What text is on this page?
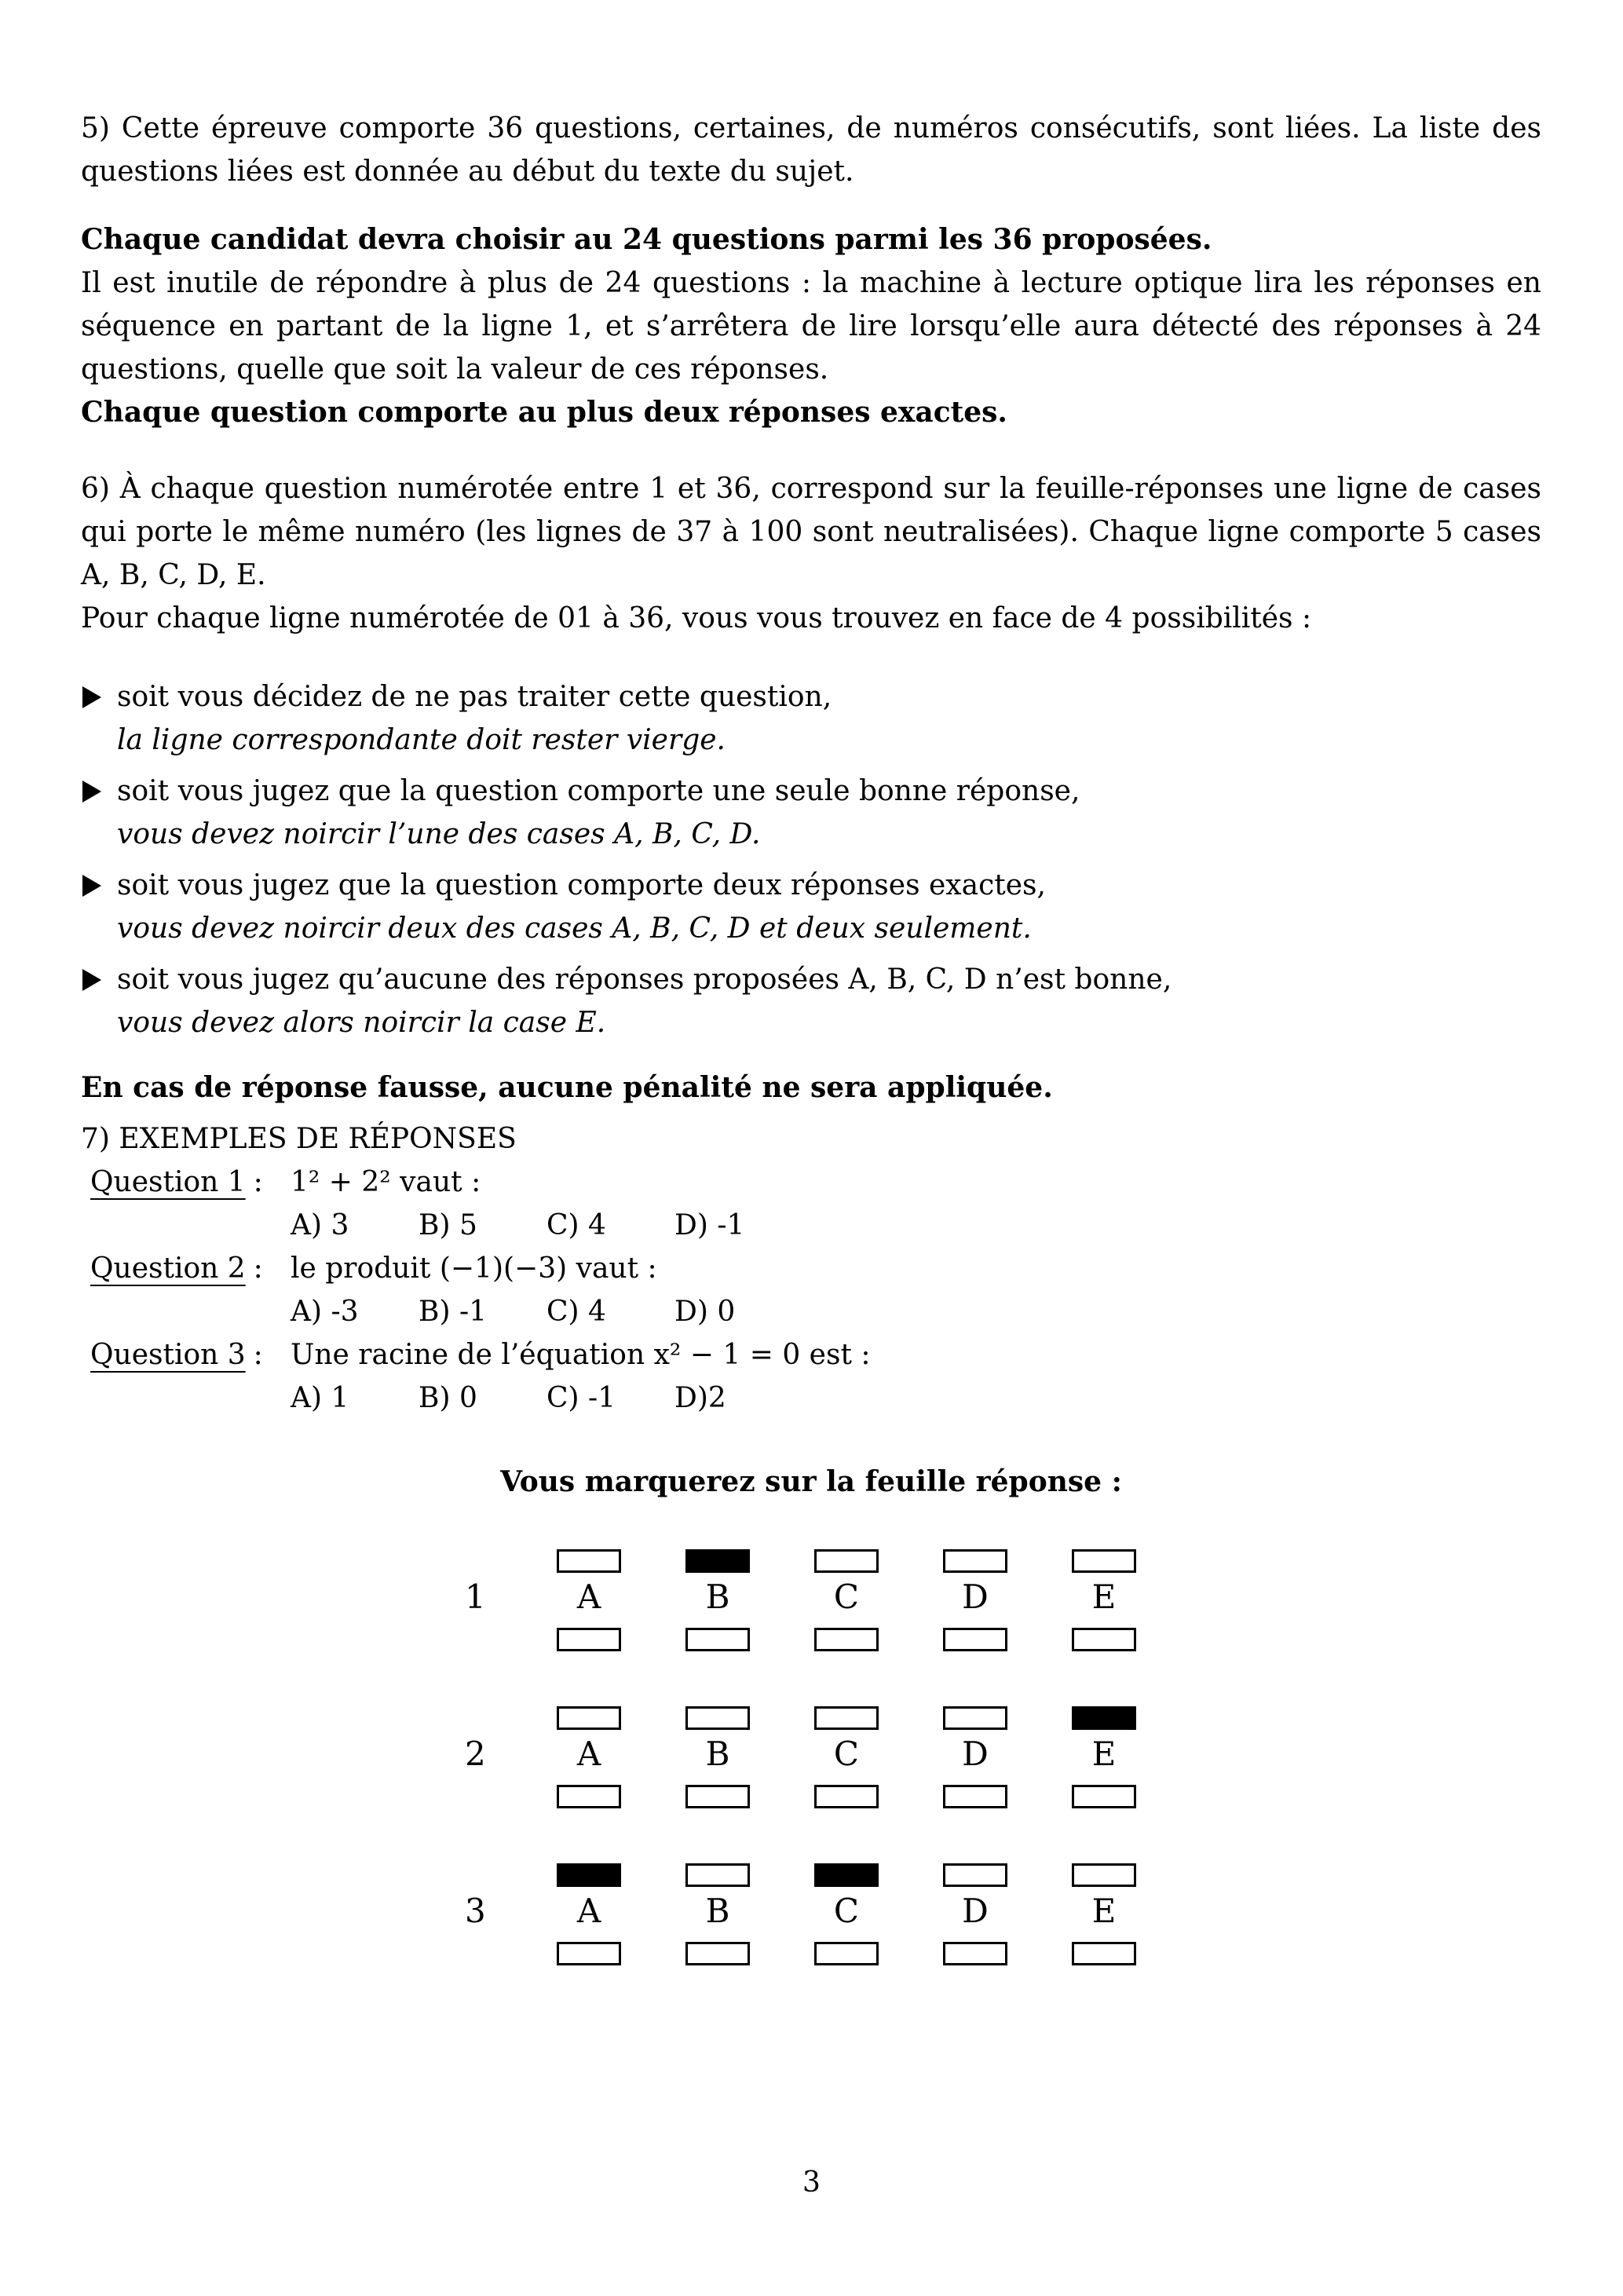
5) Cette épreuve comporte 36 questions, certaines, de numéros consécutifs, sont liées. La liste des questions liées est donnée au début du texte du sujet.

Chaque candidat devra choisir au 24 questions parmi les 36 proposées.

Il est inutile de répondre à plus de 24 questions : la machine à lecture optique lira les réponses en séquence en partant de la ligne 1, et s’arrêtera de lire lorsqu’elle aura détecté des réponses à 24 questions, quelle que soit la valeur de ces réponses.

Chaque question comporte au plus deux réponses exactes.

6) À chaque question numérotée entre 1 et 36, correspond sur la feuille-réponses une ligne de cases qui porte le même numéro (les lignes de 37 à 100 sont neutralisées). Chaque ligne comporte 5 cases A, B, C, D, E.

Pour chaque ligne numérotée de 01 à 36, vous vous trouvez en face de 4 possibilités :

soit vous décidez de ne pas traiter cette question,
la ligne correspondante doit rester vierge.
soit vous jugez que la question comporte une seule bonne réponse,
vous devez noircir l’une des cases A, B, C, D.
soit vous jugez que la question comporte deux réponses exactes,
vous devez noircir deux des cases A, B, C, D et deux seulement.
soit vous jugez qu’aucune des réponses proposées A, B, C, D n’est bonne,
vous devez alors noircir la case E.

En cas de réponse fausse, aucune pénalité ne sera appliquée.

7) EXEMPLES DE RÉPONSES

Question 1 : 1² + 2² vaut :
A) 3 B) 5 C) 4 D) -1
Question 2 : le produit (−1)(−3) vaut :
A) -3 B) -1 C) 4 D) 0
Question 3 : Une racine de l’équation x² − 1 = 0 est :
A) 1 B) 0 C) -1 D)2

Vous marquerez sur la feuille réponse :

1	A	B	C	D	E
2	A	B	C	D	E
3	A	B	C	D	E
3
